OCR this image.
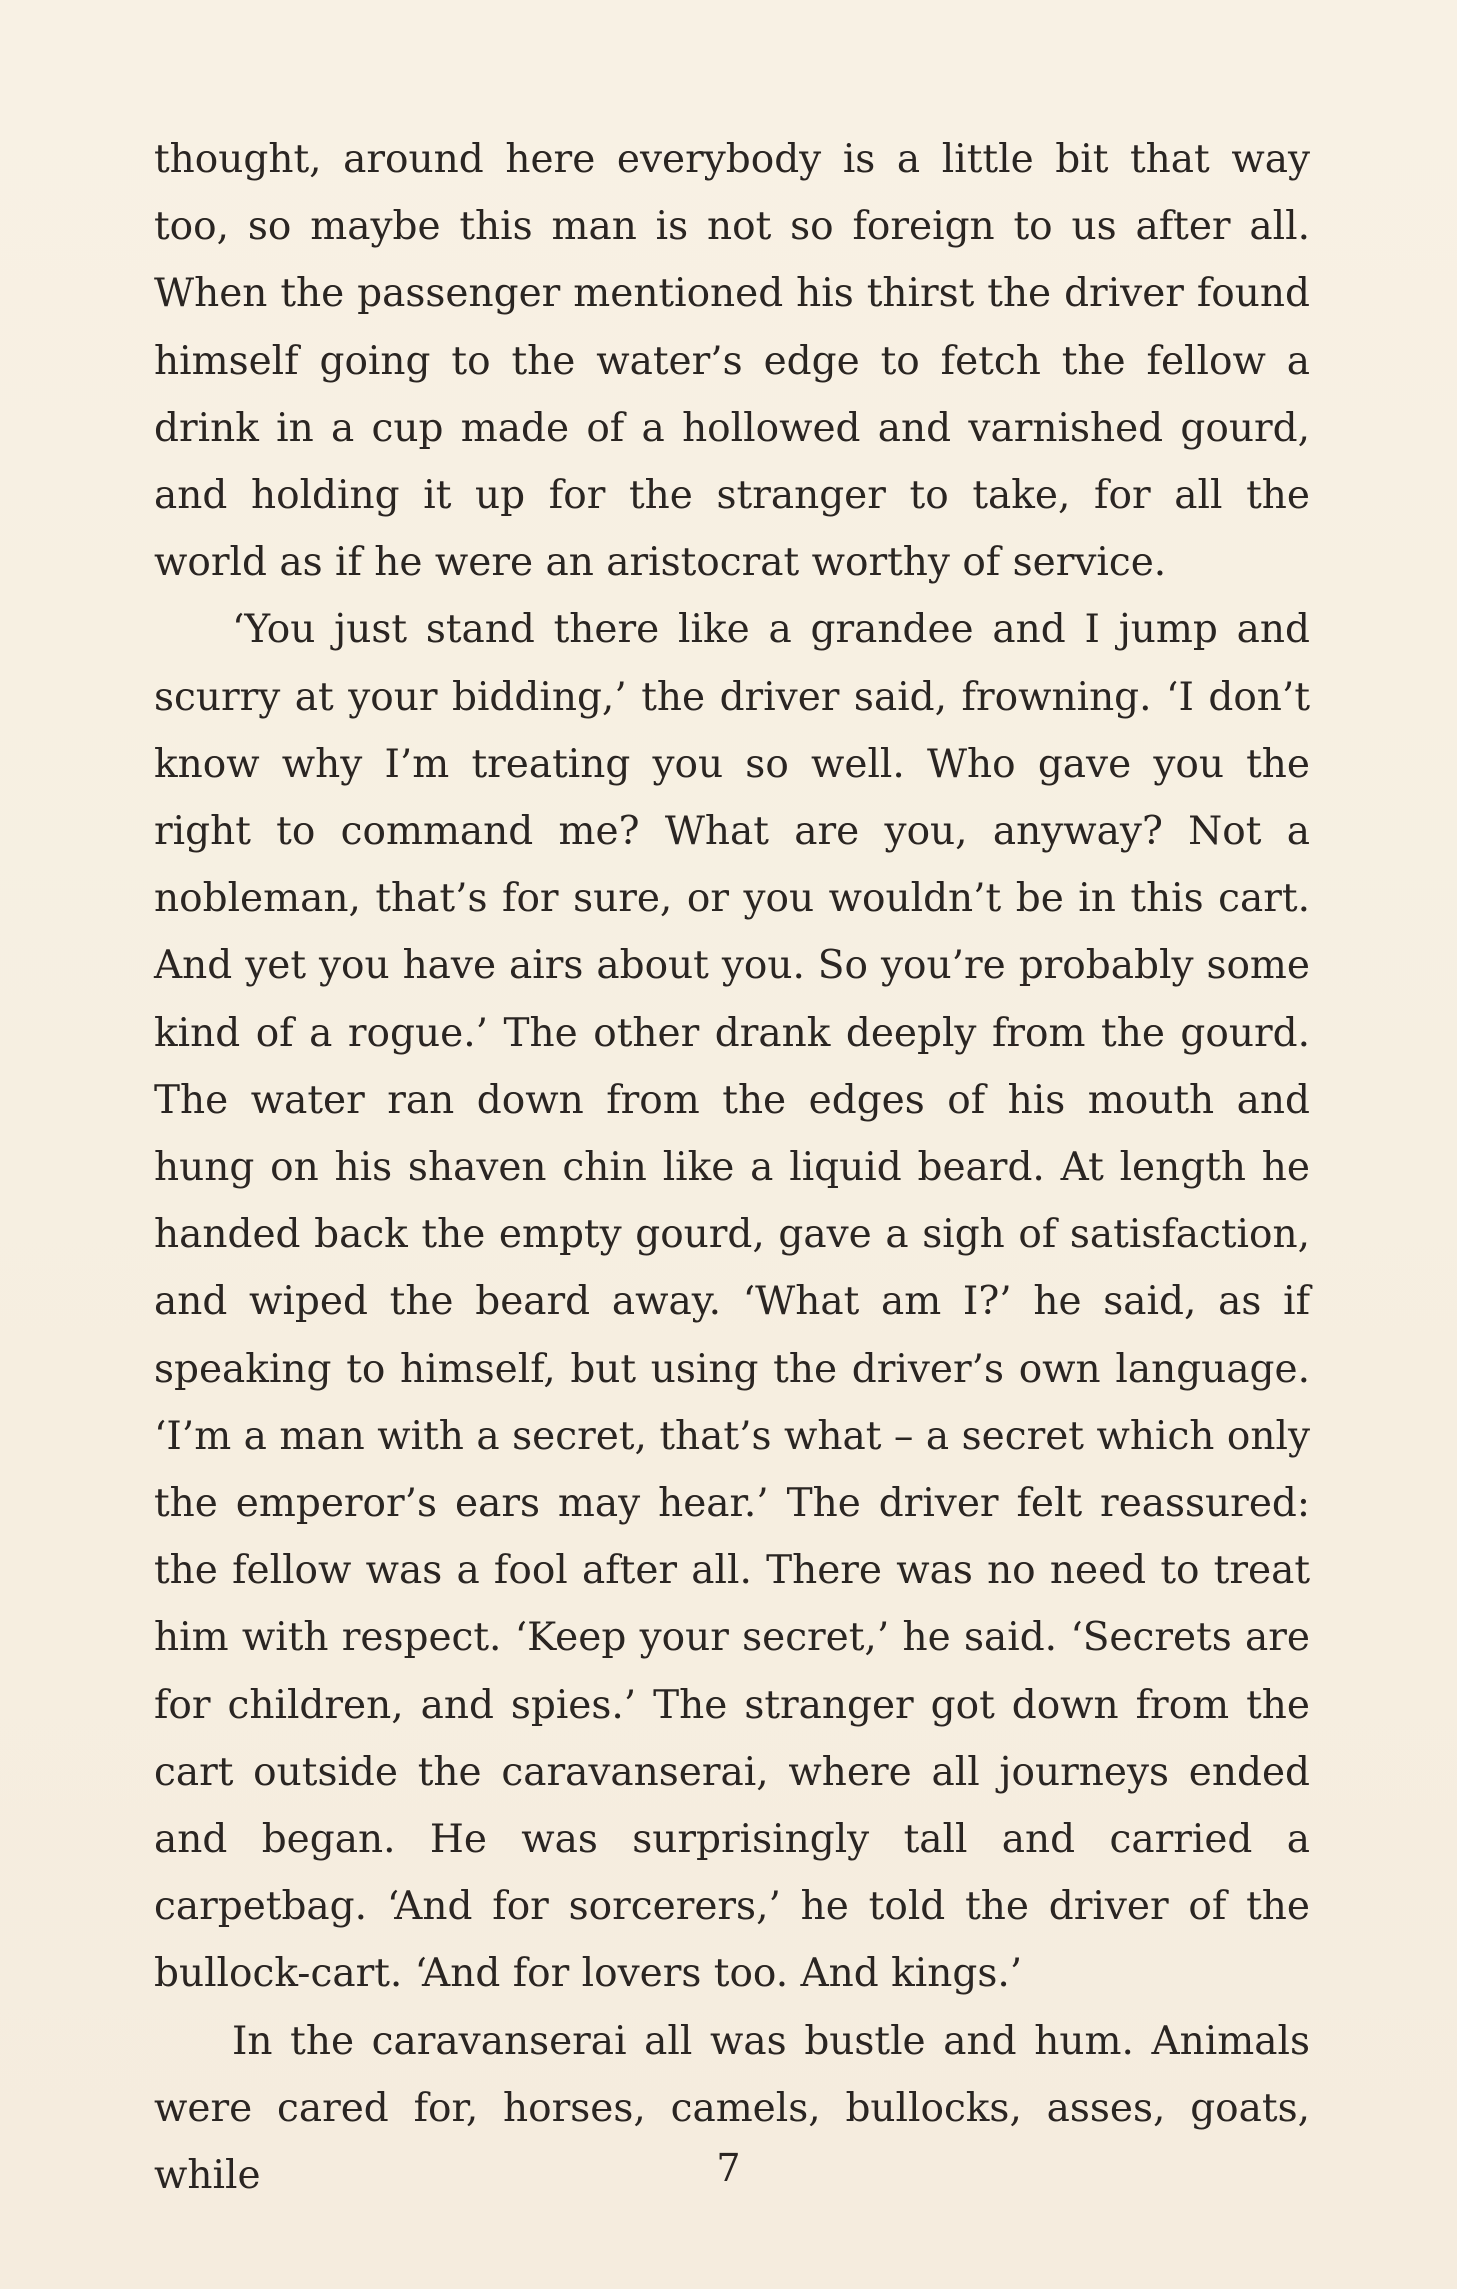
thought, around here everybody is a little bit that way too, so maybe this man is not so foreign to us after all. When the passenger mentioned his thirst the driver found himself going to the water’s edge to fetch the fellow a drink in a cup made of a hollowed and varnished gourd, and holding it up for the stranger to take, for all the world as if he were an aristocrat worthy of service.

‘You just stand there like a grandee and I jump and scurry at your bidding,’ the driver said, frowning. ‘I don’t know why I’m treating you so well. Who gave you the right to command me? What are you, anyway? Not a nobleman, that’s for sure, or you wouldn’t be in this cart. And yet you have airs about you. So you’re probably some kind of a rogue.’ The other drank deeply from the gourd. The water ran down from the edges of his mouth and hung on his shaven chin like a liquid beard. At length he handed back the empty gourd, gave a sigh of satisfaction, and wiped the beard away. ‘What am I?’ he said, as if speaking to himself, but using the driver’s own language. ‘I’m a man with a secret, that’s what – a secret which only the emperor’s ears may hear.’ The driver felt reassured: the fellow was a fool after all. There was no need to treat him with respect. ‘Keep your secret,’ he said. ‘Secrets are for children, and spies.’ The stranger got down from the cart outside the caravanserai, where all journeys ended and began. He was surprisingly tall and carried a carpetbag. ‘And for sorcerers,’ he told the driver of the bullock-cart. ‘And for lovers too. And kings.’

In the caravanserai all was bustle and hum. Animals were cared for, horses, camels, bullocks, asses, goats, while	7
